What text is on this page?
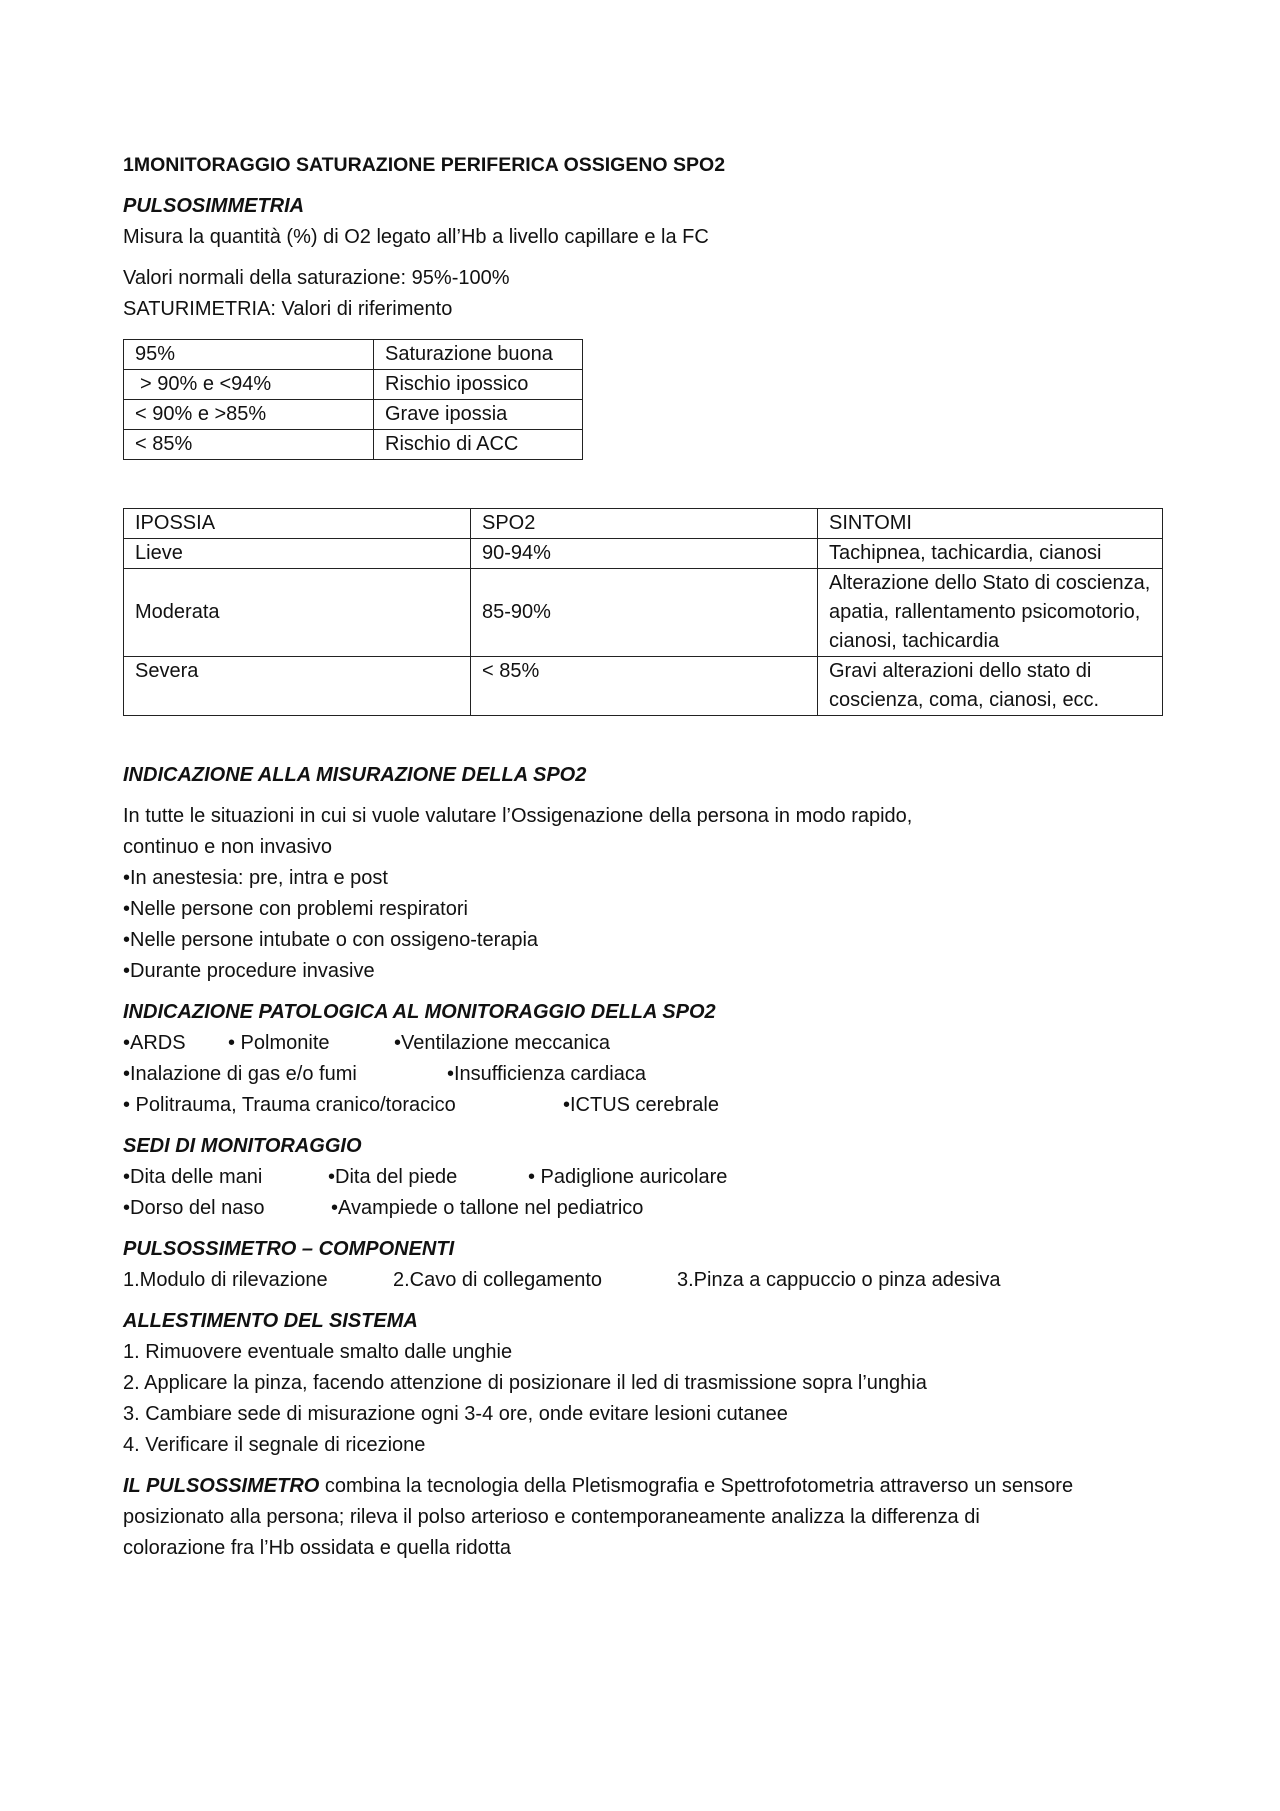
1MONITORAGGIO SATURAZIONE PERIFERICA OSSIGENO SPO2

PULSOSIMMETRIA

Misura la quantità (%) di O2 legato all’Hb a livello capillare e la FC

Valori normali della saturazione: 95%-100%

SATURIMETRIA: Valori di riferimento

95%	Saturazione buona
> 90% e <94%	Rischio ipossico
< 90% e >85%	Grave ipossia
< 85%	Rischio di ACC
IPOSSIA	SPO2	SINTOMI
Lieve	90-94%	Tachipnea, tachicardia, cianosi
Moderata	85-90%	Alterazione dello Stato di coscienza, apatia, rallentamento psicomotorio, cianosi, tachicardia
Severa	< 85%	Gravi alterazioni dello stato di coscienza, coma, cianosi, ecc.

INDICAZIONE ALLA MISURAZIONE DELLA SPO2

In tutte le situazioni in cui si vuole valutare l’Ossigenazione della persona in modo rapido,

continuo e non invasivo

•In anestesia: pre, intra e post

•Nelle persone con problemi respiratori

•Nelle persone intubate o con ossigeno-terapia

•Durante procedure invasive

INDICAZIONE PATOLOGICA AL MONITORAGGIO DELLA SPO2

•ARDS	• Polmonite	•Ventilazione meccanica
•Inalazione di gas e/o fumi	•Insufficienza cardiaca
• Politrauma, Trauma cranico/toracico	•ICTUS cerebrale

SEDI DI MONITORAGGIO

•Dita delle mani	•Dita del piede	• Padiglione auricolare
•Dorso del naso	•Avampiede o tallone nel pediatrico

PULSOSSIMETRO – COMPONENTI

1.Modulo di rilevazione	2.Cavo di collegamento	3.Pinza a cappuccio o pinza adesiva

ALLESTIMENTO DEL SISTEMA

1. Rimuovere eventuale smalto dalle unghie

2. Applicare la pinza, facendo attenzione di posizionare il led di trasmissione sopra l’unghia

3. Cambiare sede di misurazione ogni 3-4 ore, onde evitare lesioni cutanee

4. Verificare il segnale di ricezione

IL PULSOSSIMETRO combina la tecnologia della Pletismografia e Spettrofotometria attraverso un sensore

posizionato alla persona; rileva il polso arterioso e contemporaneamente analizza la differenza di

colorazione fra l’Hb ossidata e quella ridotta
